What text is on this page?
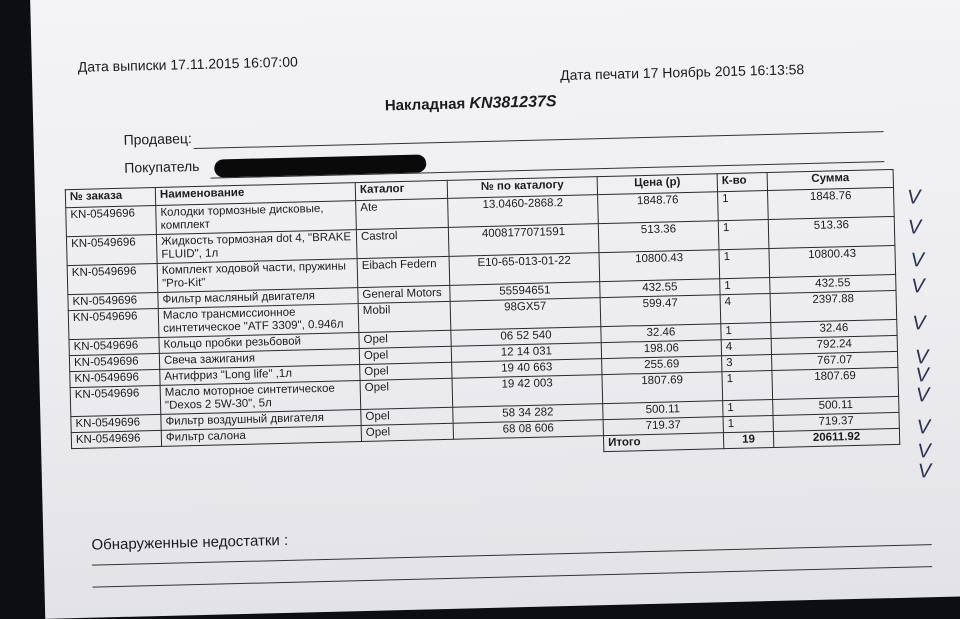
Дата выписки 17.11.2015 16:07:00	Дата печати 17 Ноябрь 2015 16:13:58
Накладная KN381237S
Продавец:
Покупатель
№ заказа	Наименование	Каталог	№ по каталогу	Цена (р)	К-во	Сумма
KN-0549696	Колодки тормозные дисковые, комплект	Ate	13.0460-2868.2	1848.76	1	1848.76
KN-0549696	Жидкость тормозная dot 4, "BRAKE FLUID", 1л	Castrol	4008177071591	513.36	1	513.36
KN-0549696	Комплект ходовой части, пружины "Pro-Kit"	Eibach Federn	E10-65-013-01-22	10800.43	1	10800.43
KN-0549696	Фильтр масляный двигателя	General Motors	55594651	432.55	1	432.55
KN-0549696	Масло трансмиссионное синтетическое "ATF 3309", 0.946л	Mobil	98GX57	599.47	4	2397.88
KN-0549696	Кольцо пробки резьбовой	Opel	06 52 540	32.46	1	32.46
KN-0549696	Свеча зажигания	Opel	12 14 031	198.06	4	792.24
KN-0549696	Антифриз "Long life" ,1л	Opel	19 40 663	255.69	3	767.07
KN-0549696	Масло моторное синтетическое "Dexos 2 5W-30", 5л	Opel	19 42 003	1807.69	1	1807.69
KN-0549696	Фильтр воздушный двигателя	Opel	58 34 282	500.11	1	500.11
KN-0549696	Фильтр салона	Opel	68 08 606	719.37	1	719.37
				Итого	19	20611.92
V
V
V
V
V
V
V
V
V
V
V
Обнаруженные недостатки :
